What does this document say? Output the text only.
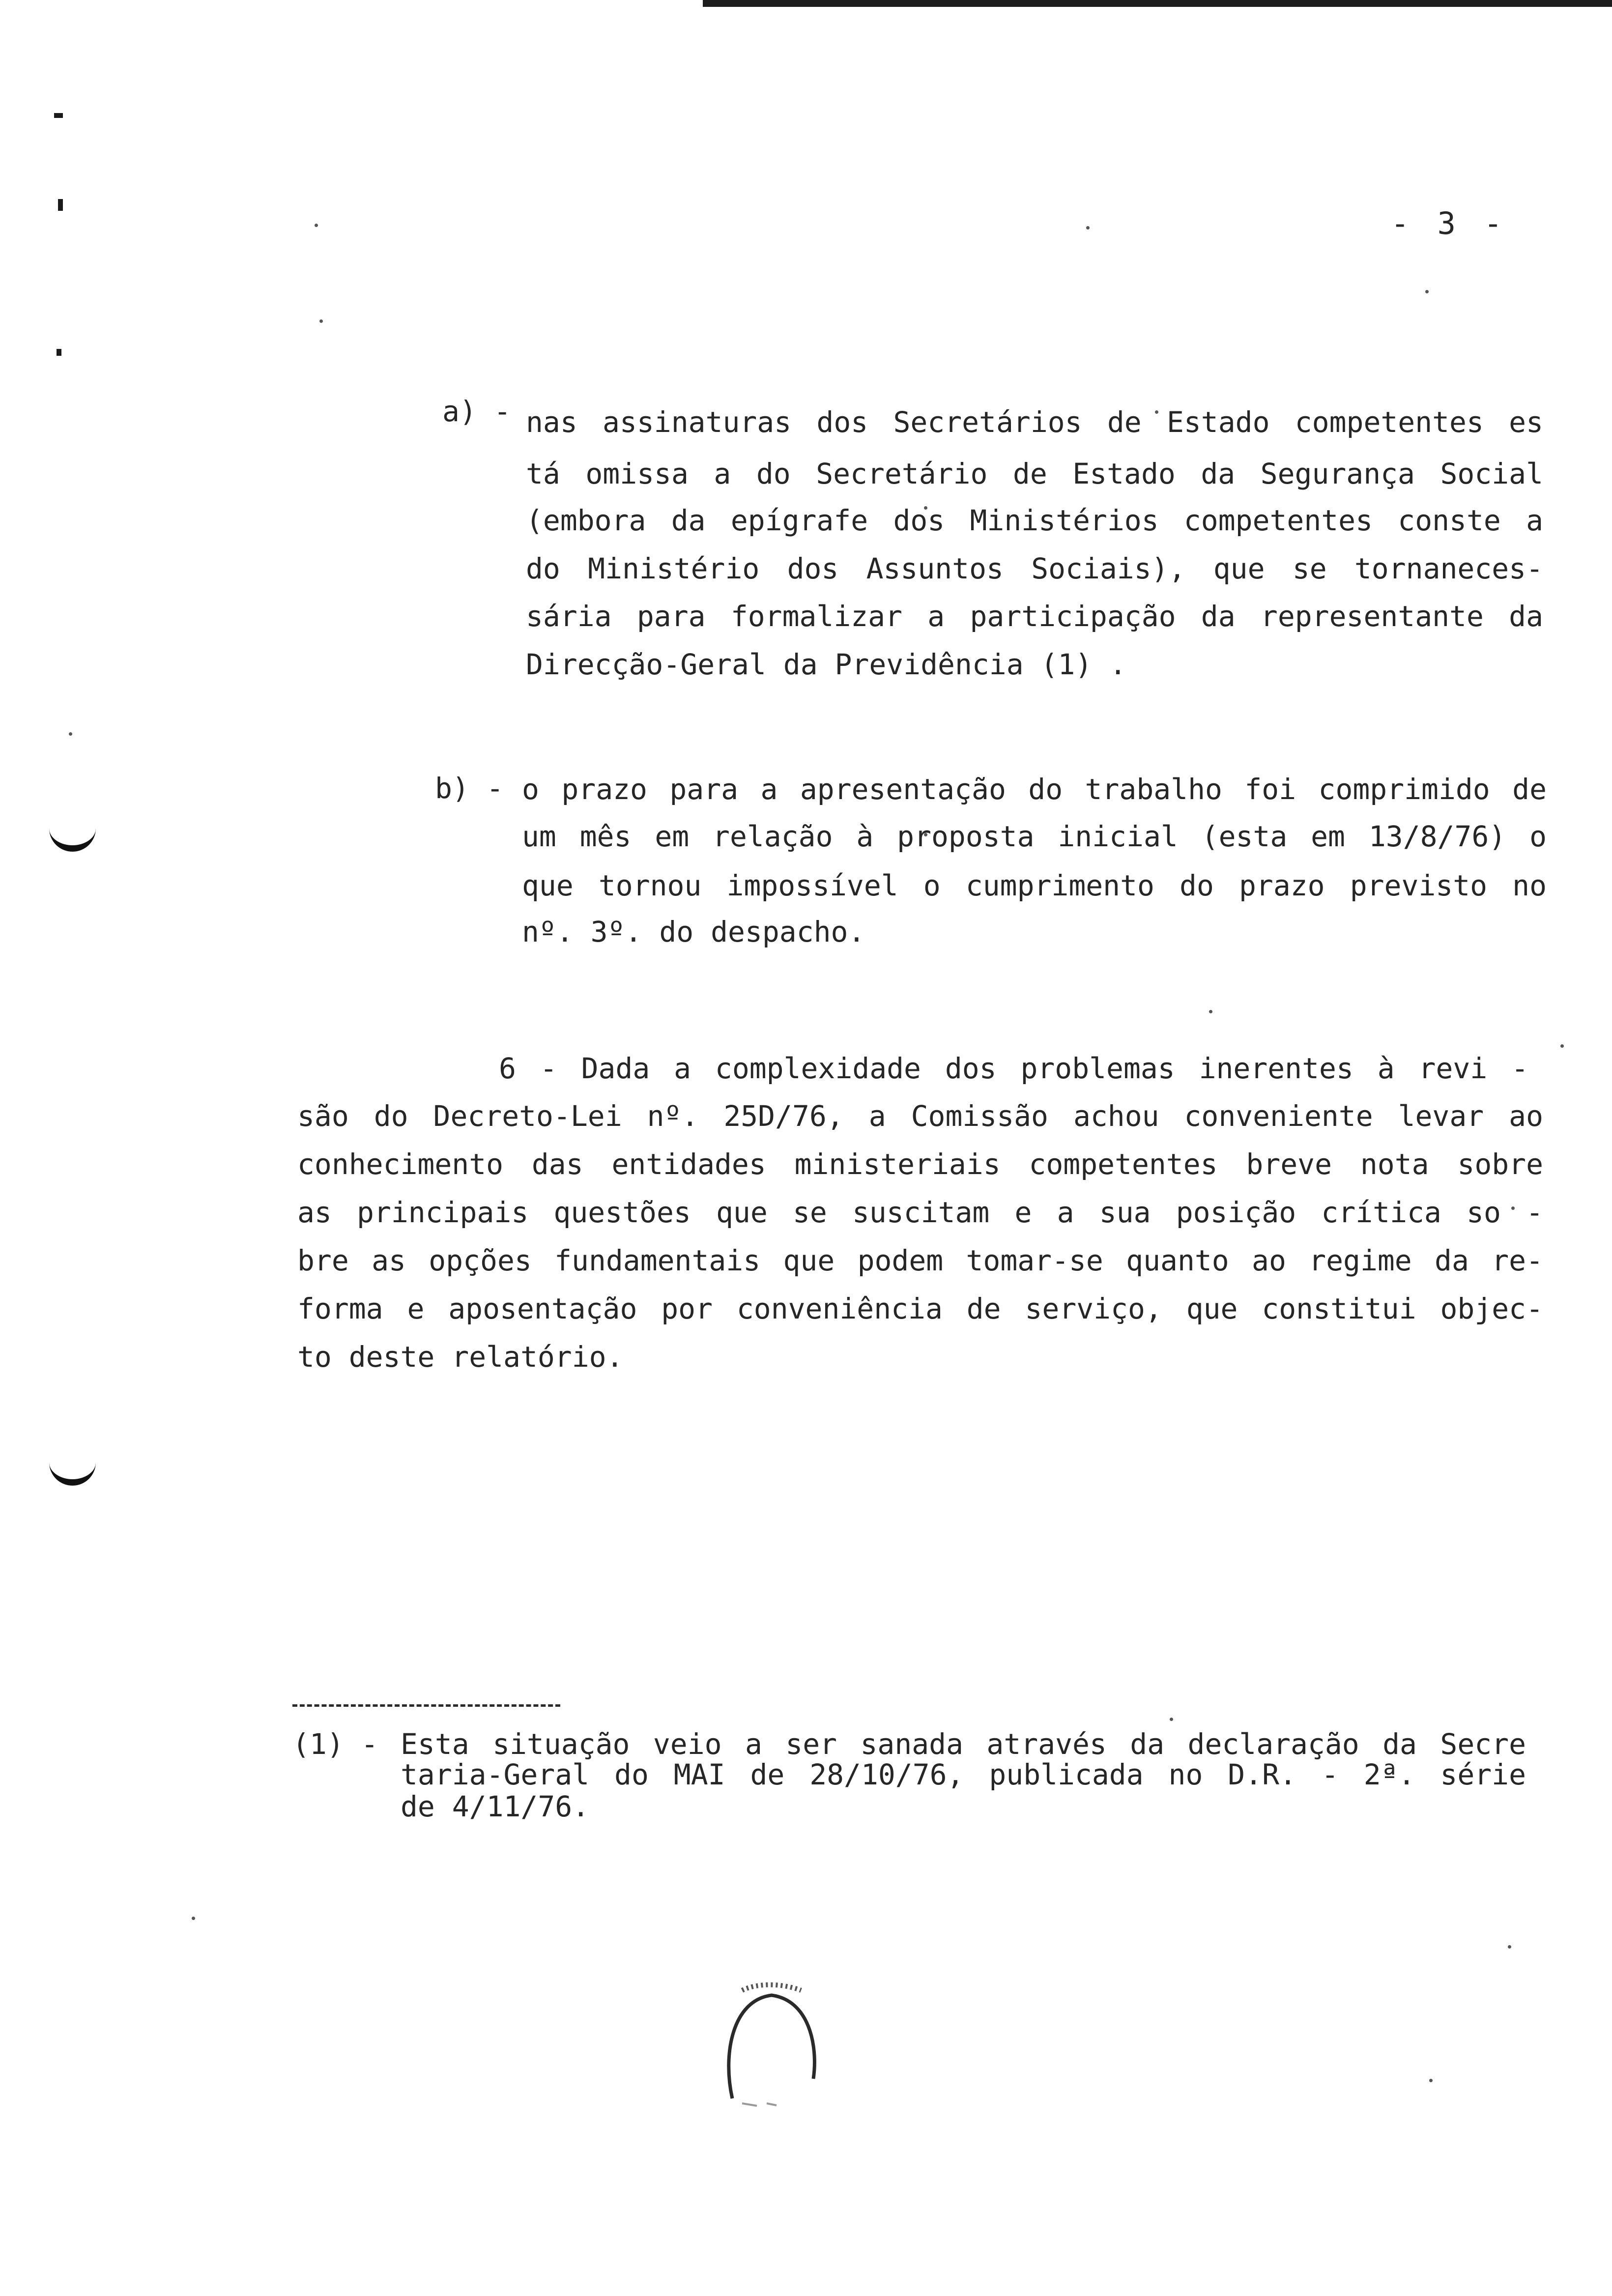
- 3 -
a) - nas assinaturas dos Secretários de Estado competentes es
tá omissa a do Secretário de Estado da Segurança Social
(embora da epígrafe dos Ministérios competentes conste a
do Ministério dos Assuntos Sociais), que se tornaneces-
sária para formalizar a participação da representante da
Direcção-Geral da Previdência (1) .
b) - o prazo para a apresentação do trabalho foi comprimido de
um mês em relação à proposta inicial (esta em 13/8/76) o
que tornou impossível o cumprimento do prazo previsto no
nº. 3º. do despacho.
6 - Dada a complexidade dos problemas inerentes à revi -
são do Decreto-Lei nº. 25D/76, a Comissão achou conveniente levar ao
conhecimento das entidades ministeriais competentes breve nota sobre
as principais questões que se suscitam e a sua posição crítica so -
bre as opções fundamentais que podem tomar-se quanto ao regime da re-
forma e aposentação por conveniência de serviço, que constitui objec-
to deste relatório.
(1) - Esta situação veio a ser sanada através da declaração da Secre
taria-Geral do MAI de 28/10/76, publicada no D.R. - 2ª. série
de 4/11/76.
